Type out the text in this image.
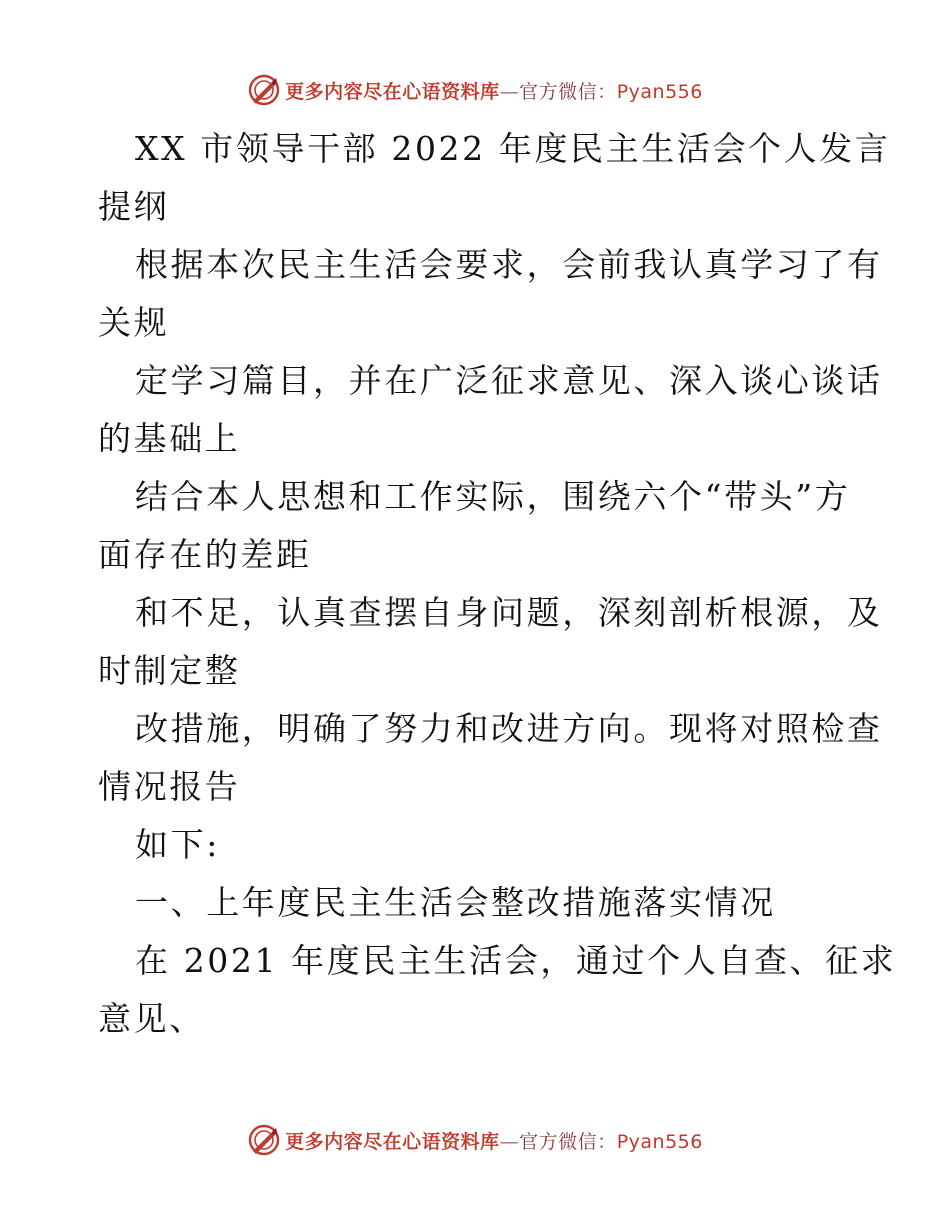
更多内容尽在心语资料库—官方微信：Pyan556
XX 市领导干部 2022 年度民主生活会个人发言
提纲
根据本次民主生活会要求，会前我认真学习了有
关规
定学习篇目，并在广泛征求意见、深入谈心谈话
的基础上
结合本人思想和工作实际，围绕六个“带头”方
面存在的差距
和不足，认真查摆自身问题，深刻剖析根源，及
时制定整
改措施，明确了努力和改进方向。现将对照检查
情况报告
如下:
一、上年度民主生活会整改措施落实情况
在 2021 年度民主生活会，通过个人自查、征求
意见、
更多内容尽在心语资料库—官方微信：Pyan556
